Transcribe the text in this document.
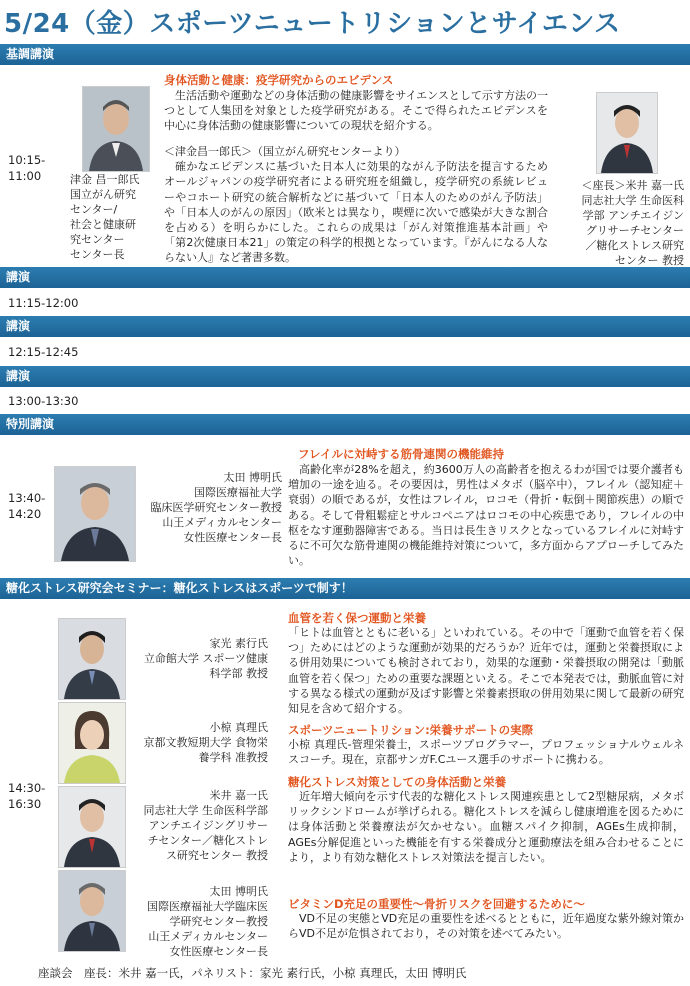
5/24（金）スポーツニュートリションとサイエンス
基調講演
10:15-
11:00	津金 昌一郎氏
国立がん研究
センター/
社会と健康研
究センター
センター長
＜座長＞米井 嘉一氏
同志社大学 生命医科
学部 アンチエイジン
グリサーチセンター
／糖化ストレス研究
センター 教授
身体活動と健康：疫学研究からのエビデンス

生活活動や運動などの身体活動の健康影響をサイエンスとして示す方法の一つとして人集団を対象とした疫学研究がある。そこで得られたエビデンスを中心に身体活動の健康影響についての現状を紹介する。

＜津金昌一郎氏＞（国立がん研究センターより）

確かなエビデンスに基づいた日本人に効果的ながん予防法を提言するためオールジャパンの疫学研究者による研究班を組織し，疫学研究の系統レビューやコホート研究の統合解析などに基づいて「日本人のためのがん予防法」や「日本人のがんの原因」（欧米とは異なり，喫煙に次いで感染が大きな割合を占める）を明らかにした。これらの成果は「がん対策推進基本計画」や「第2次健康日本21」の策定の科学的根拠となっています。『がんになる人ならない人』など著書多数。

講演
11:15-12:00
講演
12:15-12:45
講演
13:00-13:30
特別講演
13:40-
14:20
太田 博明氏
国際医療福祉大学
臨床医学研究センター教授
山王メディカルセンター
女性医療センター長
フレイルに対峙する筋骨連関の機能維持

高齢化率が28%を超え，約3600万人の高齢者を抱えるわが国では要介護者も増加の一途を辿る。その要因は，男性はメタボ（脳卒中），フレイル（認知症＋衰弱）の順であるが，女性はフレイル，ロコモ（骨折・転倒＋関節疾患）の順である。そして骨粗鬆症とサルコペニアはロコモの中心疾患であり，フレイルの中枢をなす運動器障害である。当日は長生きリスクとなっているフレイルに対峙するに不可欠な筋骨連関の機能維持対策について，多方面からアプローチしてみたい。

糖化ストレス研究会セミナー：糖化ストレスはスポーツで制す！
14:30-
16:30
家光 素行氏
立命館大学 スポーツ健康
科学部 教授
血管を若く保つ運動と栄養

「ヒトは血管とともに老いる」といわれている。その中で「運動で血管を若く保つ」ためにはどのような運動が効果的だろうか？近年では，運動と栄養摂取による併用効果についても検討されており，効果的な運動・栄養摂取の開発は「動脈血管を若く保つ」ための重要な課題といえる。そこで本発表では，動脈血管に対する異なる様式の運動が及ぼす影響と栄養素摂取の併用効果に関して最新の研究知見を含めて紹介する。

小椋 真理氏
京都文教短期大学 食物栄
養学科 准教授
スポーツニュートリション:栄養サポートの実際

小椋 真理氏-管理栄養士，スポーツプログラマー，プロフェッショナルウェルネスコーチ。現在，京都サンガF.Cユース選手のサポートに携わる。

米井 嘉一氏
同志社大学 生命医科学部
アンチエイジングリサー
チセンター／糖化ストレ
ス研究センター 教授
糖化ストレス対策としての身体活動と栄養

近年増大傾向を示す代表的な糖化ストレス関連疾患として2型糖尿病，メタボリックシンドロームが挙げられる。糖化ストレスを減らし健康増進を図るためには身体活動と栄養療法が欠かせない。血糖スパイク抑制，AGEs生成抑制，AGEs分解促進といった機能を有する栄養成分と運動療法を組み合わせることにより，より有効な糖化ストレス対策法を提言したい。

太田 博明氏
国際医療福祉大学臨床医
学研究センター教授
山王メディカルセンター
女性医療センター長
ビタミンD充足の重要性～骨折リスクを回避するために～

VD不足の実態とVD充足の重要性を述べるとともに，近年過度な紫外線対策からVD不足が危惧されており，その対策を述べてみたい。

座談会　座長：米井 嘉一氏，パネリスト：家光 素行氏，小椋 真理氏，太田 博明氏
